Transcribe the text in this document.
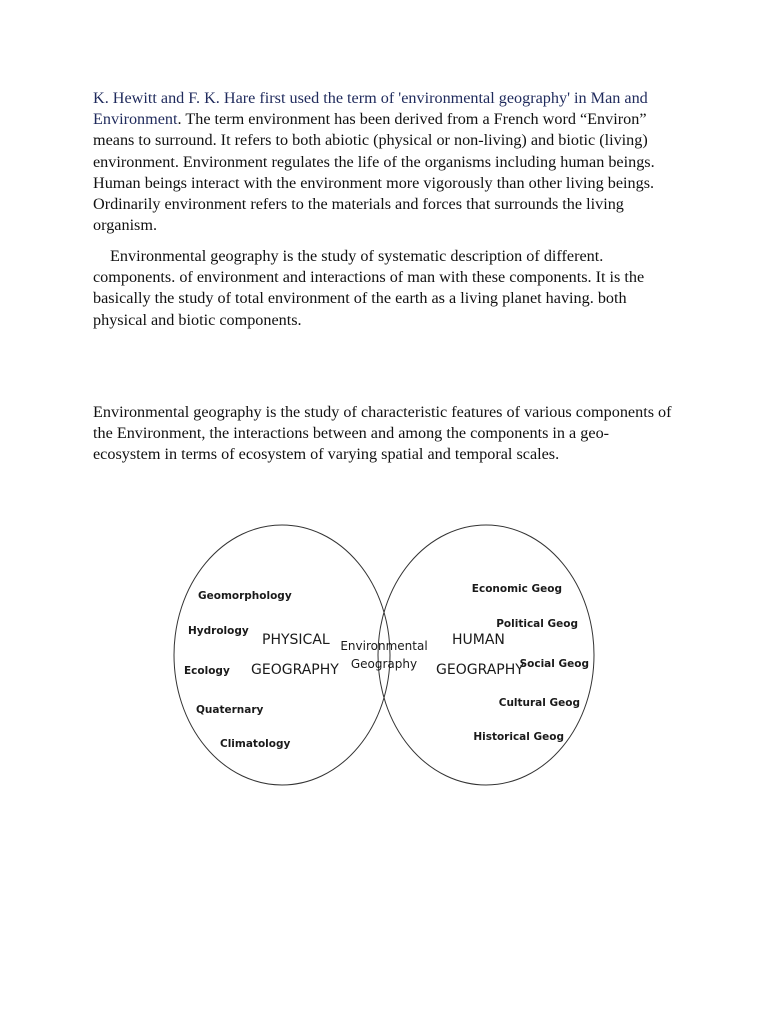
K. Hewitt and F. K. Hare first used the term of 'environmental geography' in Man and Environment. The term environment has been derived from a French word “Environ” means to surround. It refers to both abiotic (physical or non-living) and biotic (living) environment. Environment regulates the life of the organisms including human beings. Human beings interact with the environment more vigorously than other living beings. Ordinarily environment refers to the materials and forces that surrounds the living organism.

Environmental geography is the study of systematic description of different. components. of environment and interactions of man with these components. It is the basically the study of total environment of the earth as a living planet having. both physical and biotic components.

Environmental geography is the study of characteristic features of various components of the Environment, the interactions between and among the components in a geo-ecosystem in terms of ecosystem of varying spatial and temporal scales.

PHYSICAL
GEOGRAPHY
HUMAN
GEOGRAPHY
Environmental
Geography
Geomorphology
Hydrology
Ecology
Quaternary
Climatology
Economic Geog
Political Geog
Social Geog
Cultural Geog
Historical Geog
